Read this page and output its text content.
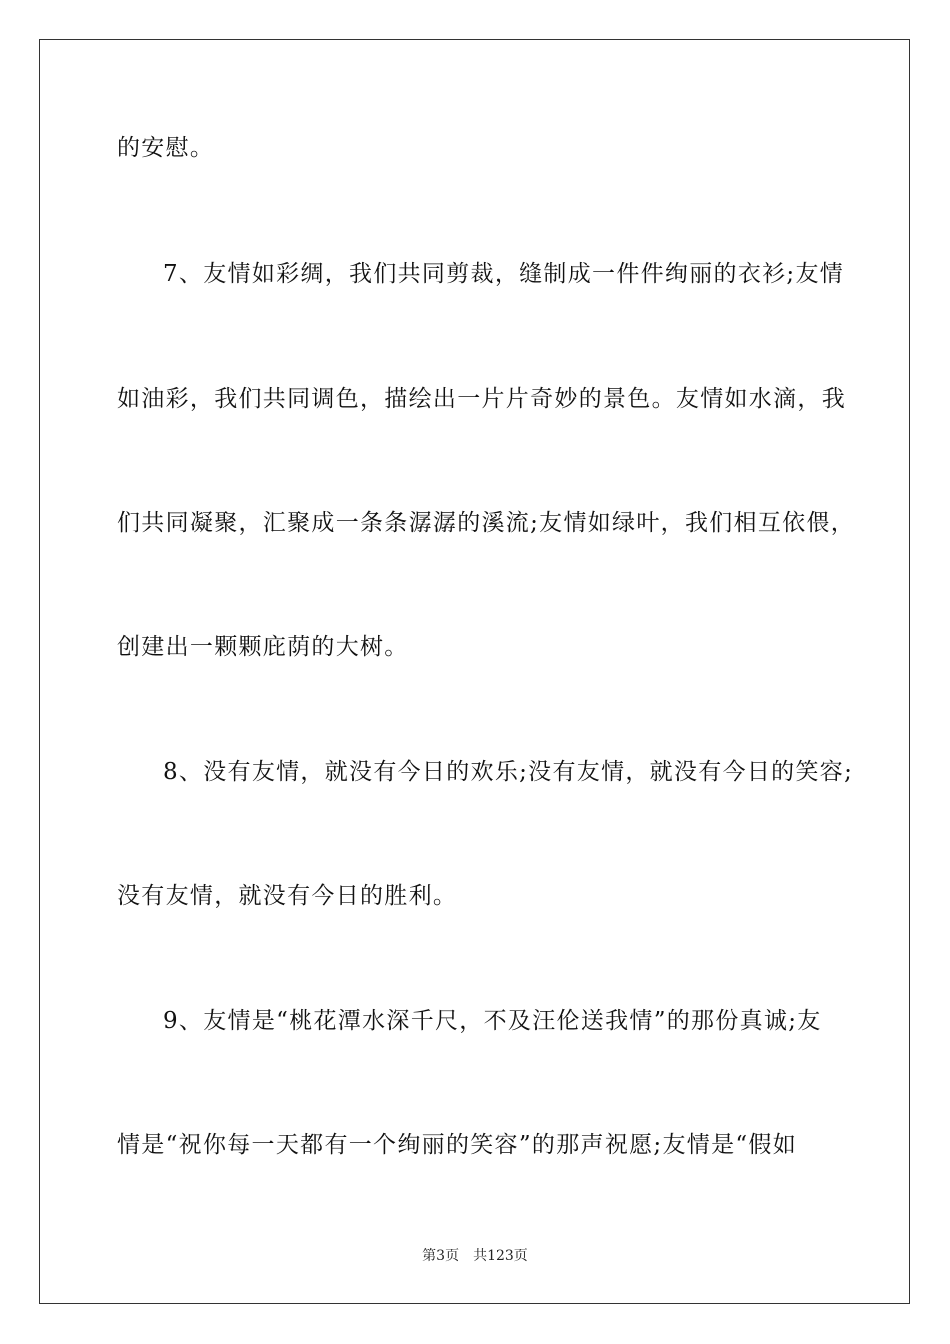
的安慰。
7、友情如彩绸，我们共同剪裁，缝制成一件件绚丽的衣衫;友情
如油彩，我们共同调色，描绘出一片片奇妙的景色。友情如水滴，我
们共同凝聚，汇聚成一条条潺潺的溪流;友情如绿叶，我们相互依偎，
创建出一颗颗庇荫的大树。
8、没有友情，就没有今日的欢乐;没有友情，就没有今日的笑容;
没有友情，就没有今日的胜利。
9、友情是“桃花潭水深千尺，不及汪伦送我情”的那份真诚;友
情是“祝你每一天都有一个绚丽的笑容”的那声祝愿;友情是“假如
第3页　共123页
